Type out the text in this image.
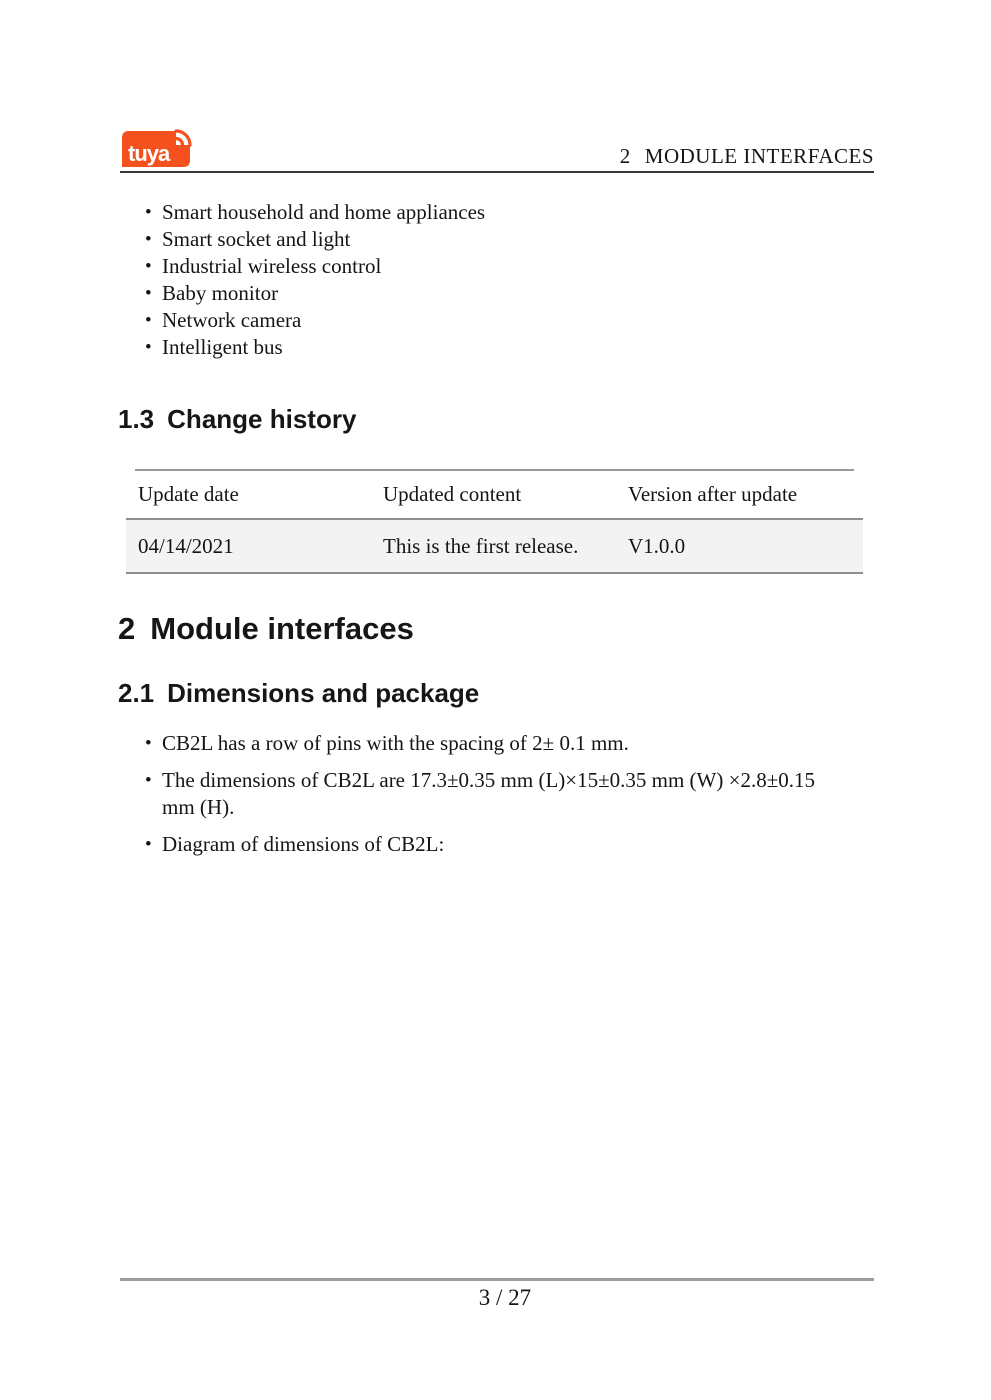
tuya	2 MODULE INTERFACES
• Smart household and home appliances
• Smart socket and light
• Industrial wireless control
• Baby monitor
• Network camera
• Intelligent bus
1.3 Change history
Update date	Updated content	Version after update
04/14/2021	This is the first release.	V1.0.0
2 Module interfaces
2.1 Dimensions and package
• CB2L has a row of pins with the spacing of 2± 0.1 mm.
• The dimensions of CB2L are 17.3±0.35 mm (L)×15±0.35 mm (W) ×2.8±0.15 mm (H).
• Diagram of dimensions of CB2L:
3 / 27
